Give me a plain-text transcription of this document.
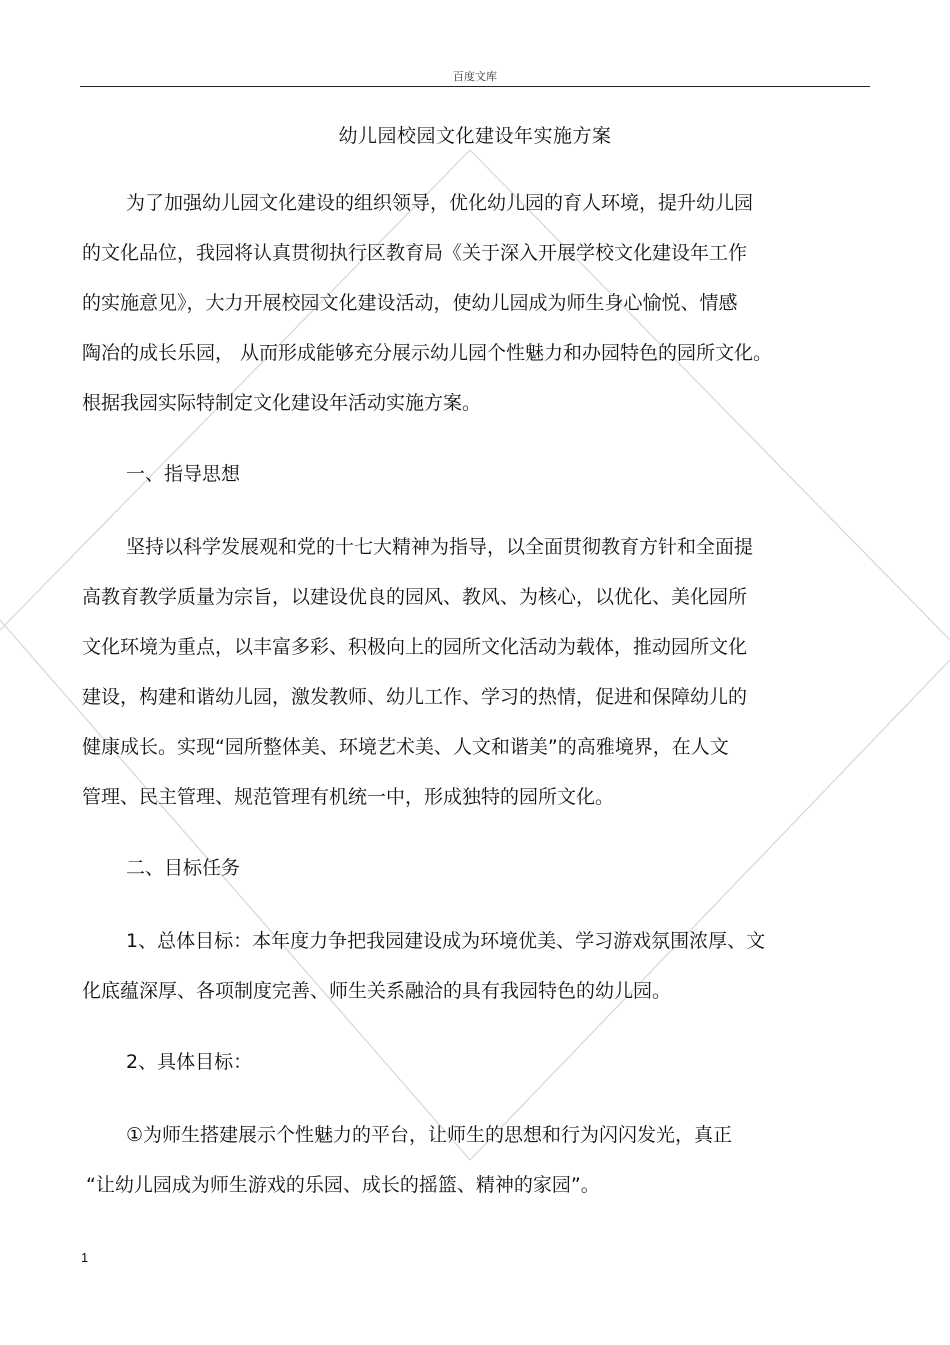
百度文库
幼儿园校园文化建设年实施方案
为了加强幼儿园文化建设的组织领导，优化幼儿园的育人环境，提升幼儿园
的文化品位，我园将认真贯彻执行区教育局《关于深入开展学校文化建设年工作
的实施意见》，大力开展校园文化建设活动，使幼儿园成为师生身心愉悦、情感
陶冶的成长乐园， 从而形成能够充分展示幼儿园个性魅力和办园特色的园所文化。
根据我园实际特制定文化建设年活动实施方案。
一、指导思想
坚持以科学发展观和党的十七大精神为指导，以全面贯彻教育方针和全面提
高教育教学质量为宗旨，以建设优良的园风、教风、为核心，以优化、美化园所
文化环境为重点，以丰富多彩、积极向上的园所文化活动为载体，推动园所文化
建设，构建和谐幼儿园，激发教师、幼儿工作、学习的热情，促进和保障幼儿的
健康成长。实现“园所整体美、环境艺术美、人文和谐美”的高雅境界，在人文
管理、民主管理、规范管理有机统一中，形成独特的园所文化。
二、目标任务
1、总体目标：本年度力争把我园建设成为环境优美、学习游戏氛围浓厚、文
化底蕴深厚、各项制度完善、师生关系融洽的具有我园特色的幼儿园。
2、具体目标：
①为师生搭建展示个性魅力的平台，让师生的思想和行为闪闪发光，真正
“让幼儿园成为师生游戏的乐园、成长的摇篮、精神的家园”。
1
